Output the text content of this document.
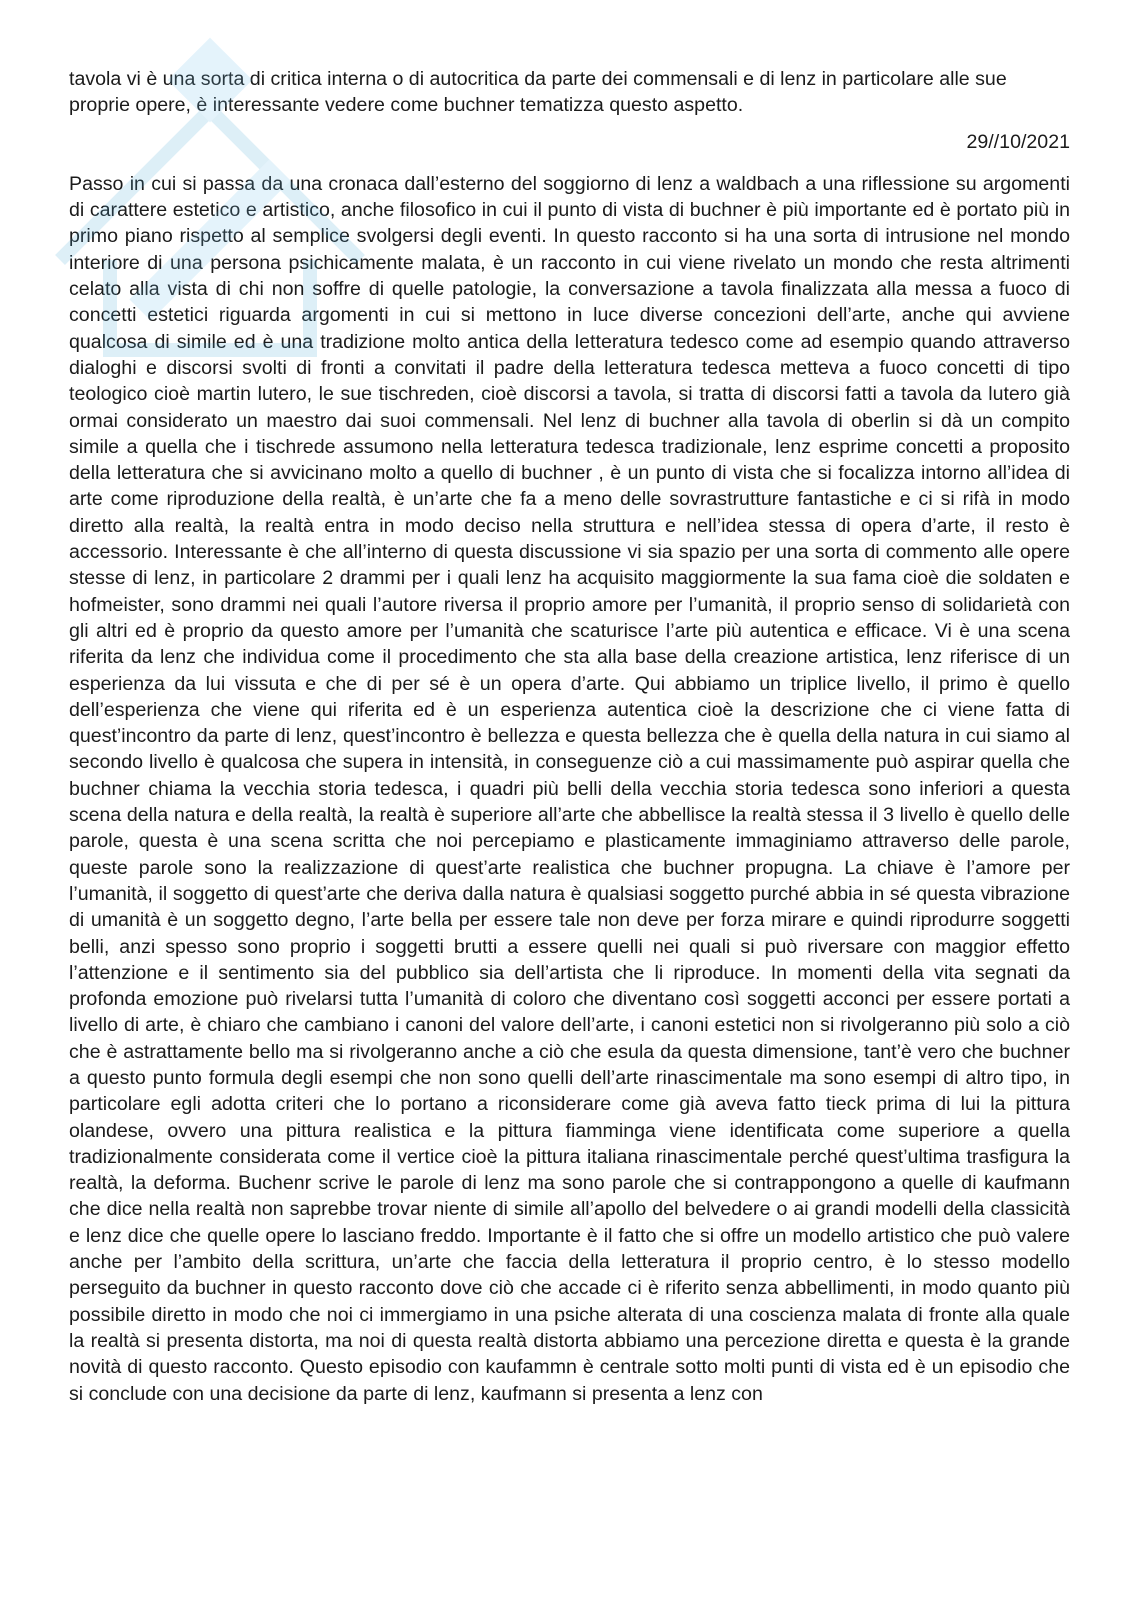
tavola vi è una sorta di critica interna o di autocritica da parte dei commensali e di lenz in particolare alle sue proprie opere, è interessante vedere come buchner tematizza questo aspetto.

29//10/2021

Passo in cui si passa da una cronaca dall’esterno del soggiorno di lenz a waldbach a una riflessione su argomenti di carattere estetico e artistico, anche filosofico in cui il punto di vista di buchner è più importante ed è portato più in primo piano rispetto al semplice svolgersi degli eventi. In questo racconto si ha una sorta di intrusione nel mondo interiore di una persona psichicamente malata, è un racconto in cui viene rivelato un mondo che resta altrimenti celato alla vista di chi non soffre di quelle patologie, la conversazione a tavola finalizzata alla messa a fuoco di concetti estetici riguarda argomenti in cui si mettono in luce diverse concezioni dell’arte, anche qui avviene qualcosa di simile ed è una tradizione molto antica della letteratura tedesco come ad esempio quando attraverso dialoghi e discorsi svolti di fronti a convitati il padre della letteratura tedesca metteva a fuoco concetti di tipo teologico cioè martin lutero, le sue tischreden, cioè discorsi a tavola, si tratta di discorsi fatti a tavola da lutero già ormai considerato un maestro dai suoi commensali. Nel lenz di buchner alla tavola di oberlin si dà un compito simile a quella che i tischrede assumono nella letteratura tedesca tradizionale, lenz esprime concetti a proposito della letteratura che si avvicinano molto a quello di buchner , è un punto di vista che si focalizza intorno all’idea di arte come riproduzione della realtà, è un’arte che fa a meno delle sovrastrutture fantastiche e ci si rifà in modo diretto alla realtà, la realtà entra in modo deciso nella struttura e nell’idea stessa di opera d’arte, il resto è accessorio. Interessante è che all’interno di questa discussione vi sia spazio per una sorta di commento alle opere stesse di lenz, in particolare 2 drammi per i quali lenz ha acquisito maggiormente la sua fama cioè die soldaten e hofmeister, sono drammi nei quali l’autore riversa il proprio amore per l’umanità, il proprio senso di solidarietà con gli altri ed è proprio da questo amore per l’umanità che scaturisce l’arte più autentica e efficace. Vi è una scena riferita da lenz che individua come il procedimento che sta alla base della creazione artistica, lenz riferisce di un esperienza da lui vissuta e che di per sé è un opera d’arte. Qui abbiamo un triplice livello, il primo è quello dell’esperienza che viene qui riferita ed è un esperienza autentica cioè la descrizione che ci viene fatta di quest’incontro da parte di lenz, quest’incontro è bellezza e questa bellezza che è quella della natura in cui siamo al secondo livello è qualcosa che supera in intensità, in conseguenze ciò a cui massimamente può aspirar quella che buchner chiama la vecchia storia tedesca, i quadri più belli della vecchia storia tedesca sono inferiori a questa scena della natura e della realtà, la realtà è superiore all’arte che abbellisce la realtà stessa il 3 livello è quello delle parole, questa è una scena scritta che noi percepiamo e plasticamente immaginiamo attraverso delle parole, queste parole sono la realizzazione di quest’arte realistica che buchner propugna. La chiave è l’amore per l’umanità, il soggetto di quest’arte che deriva dalla natura è qualsiasi soggetto purché abbia in sé questa vibrazione di umanità è un soggetto degno, l’arte bella per essere tale non deve per forza mirare e quindi riprodurre soggetti belli, anzi spesso sono proprio i soggetti brutti a essere quelli nei quali si può riversare con maggior effetto l’attenzione e il sentimento sia del pubblico sia dell’artista che li riproduce. In momenti della vita segnati da profonda emozione può rivelarsi tutta l’umanità di coloro che diventano così soggetti acconci per essere portati a livello di arte, è chiaro che cambiano i canoni del valore dell’arte, i canoni estetici non si rivolgeranno più solo a ciò che è astrattamente bello ma si rivolgeranno anche a ciò che esula da questa dimensione, tant’è vero che buchner a questo punto formula degli esempi che non sono quelli dell’arte rinascimentale ma sono esempi di altro tipo, in particolare egli adotta criteri che lo portano a riconsiderare come già aveva fatto tieck prima di lui la pittura olandese, ovvero una pittura realistica e la pittura fiamminga viene identificata come superiore a quella tradizionalmente considerata come il vertice cioè la pittura italiana rinascimentale perché quest’ultima trasfigura la realtà, la deforma. Buchenr scrive le parole di lenz ma sono parole che si contrappongono a quelle di kaufmann che dice nella realtà non saprebbe trovar niente di simile all’apollo del belvedere o ai grandi modelli della classicità e lenz dice che quelle opere lo lasciano freddo. Importante è il fatto che si offre un modello artistico che può valere anche per l’ambito della scrittura, un’arte che faccia della letteratura il proprio centro, è lo stesso modello perseguito da buchner in questo racconto dove ciò che accade ci è riferito senza abbellimenti, in modo quanto più possibile diretto in modo che noi ci immergiamo in una psiche alterata di una coscienza malata di fronte alla quale la realtà si presenta distorta, ma noi di questa realtà distorta abbiamo una percezione diretta e questa è la grande novità di questo racconto. Questo episodio con kaufammn è centrale sotto molti punti di vista ed è un episodio che si conclude con una decisione da parte di lenz, kaufmann si presenta a lenz con
